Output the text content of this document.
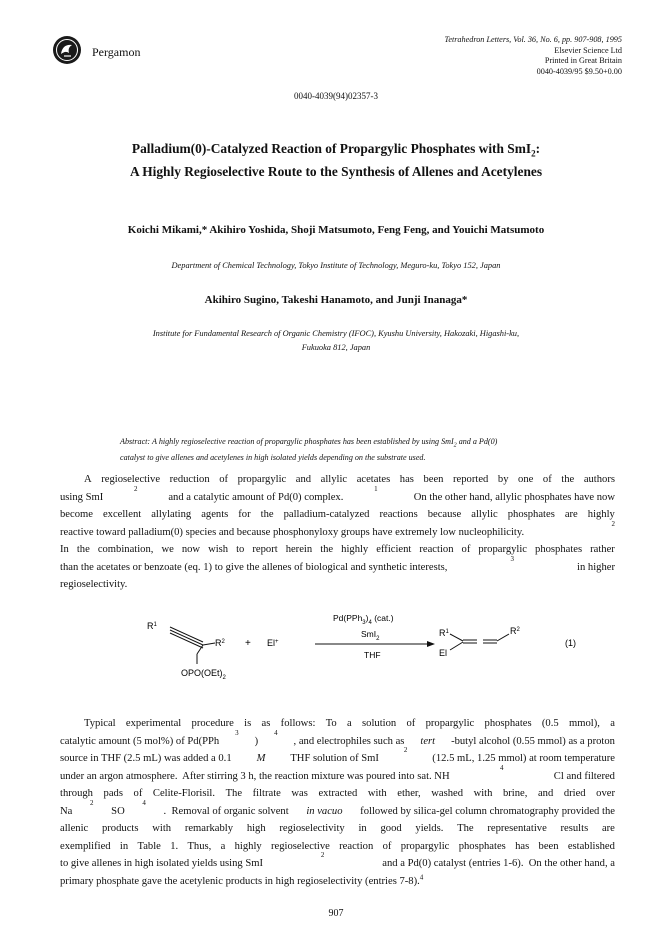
Pergamon
Tetrahedron Letters, Vol. 36, No. 6, pp. 907-908, 1995
Elsevier Science Ltd
Printed in Great Britain
0040-4039/95 $9.50+0.00
0040-4039(94)02357-3
Palladium(0)-Catalyzed Reaction of Propargylic Phosphates with SmI$_2$:
A Highly Regioselective Route to the Synthesis of Allenes and Acetylenes
Koichi Mikami,* Akihiro Yoshida, Shoji Matsumoto, Feng Feng, and Youichi Matsumoto
Department of Chemical Technology, Tokyo Institute of Technology, Meguro-ku, Tokyo 152, Japan
Akihiro Sugino, Takeshi Hanamoto, and Junji Inanaga*
Institute for Fundamental Research of Organic Chemistry (IFOC), Kyushu University, Hakozaki, Higashi-ku,
Fukuoka 812, Japan
Abstract: A highly regioselective reaction of propargylic phosphates has been established by using SmI$_2$ and a Pd(0)
catalyst to give allenes and acetylenes in high isolated yields depending on the substrate used.
A regioselective reduction of propargylic and allylic acetates has been reported by one of the authors
using SmI
2
and a catalytic amount of Pd(0) complex.
1
On the other hand, allylic phosphates have now
become excellent allylating agents for the palladium-catalyzed reactions because allylic phosphates are highly
reactive toward palladium(0) species and because phosphonyloxy groups have extremely low nucleophilicity.
2
In the combination, we now wish to report herein the highly efficient reaction of propargylic phosphates rather
than the acetates or benzoate (eq. 1) to give the allenes of biological and synthetic interests,
3
in higher
regioselectivity.
$R^1$
$R^2$
$OPO(OEt)_2$
+ El+
$Pd(PPh_3)_4$ (cat.)
SmI$_2$
THF
$R^1$	$R^2$
El
(1)
Typical experimental procedure is as follows: To a solution of propargylic phosphates (0.5 mmol), a
catalytic amount (5 mol%) of Pd(PPh
3
)
4
, and electrophiles such as tert -butyl alcohol (0.55 mmol) as a proton
source in THF (2.5 mL) was added a 0.1 M THF solution of SmI
2
(12.5 mL, 1.25 mmol) at room temperature
under an argon atmosphere.  After stirring 3 h, the reaction mixture was poured into sat. NH
4
Cl and filtered
through pads of Celite-Florisil. The filtrate was extracted with ether, washed with brine, and dried over
Na
2
SO
4
.  Removal of organic solvent in vacuo followed by silica-gel column chromatography provided the
allenic products with remarkably high regioselectivity in good yields. The representative results are
exemplified in Table 1. Thus, a highly regioselective reaction of propargylic phosphates has been established
to give allenes in high isolated yields using SmI
2
and a Pd(0) catalyst (entries 1-6).  On the other hand, a
primary phosphate gave the acetylenic products in high regioselectivity (entries 7-8).$^4$
907
